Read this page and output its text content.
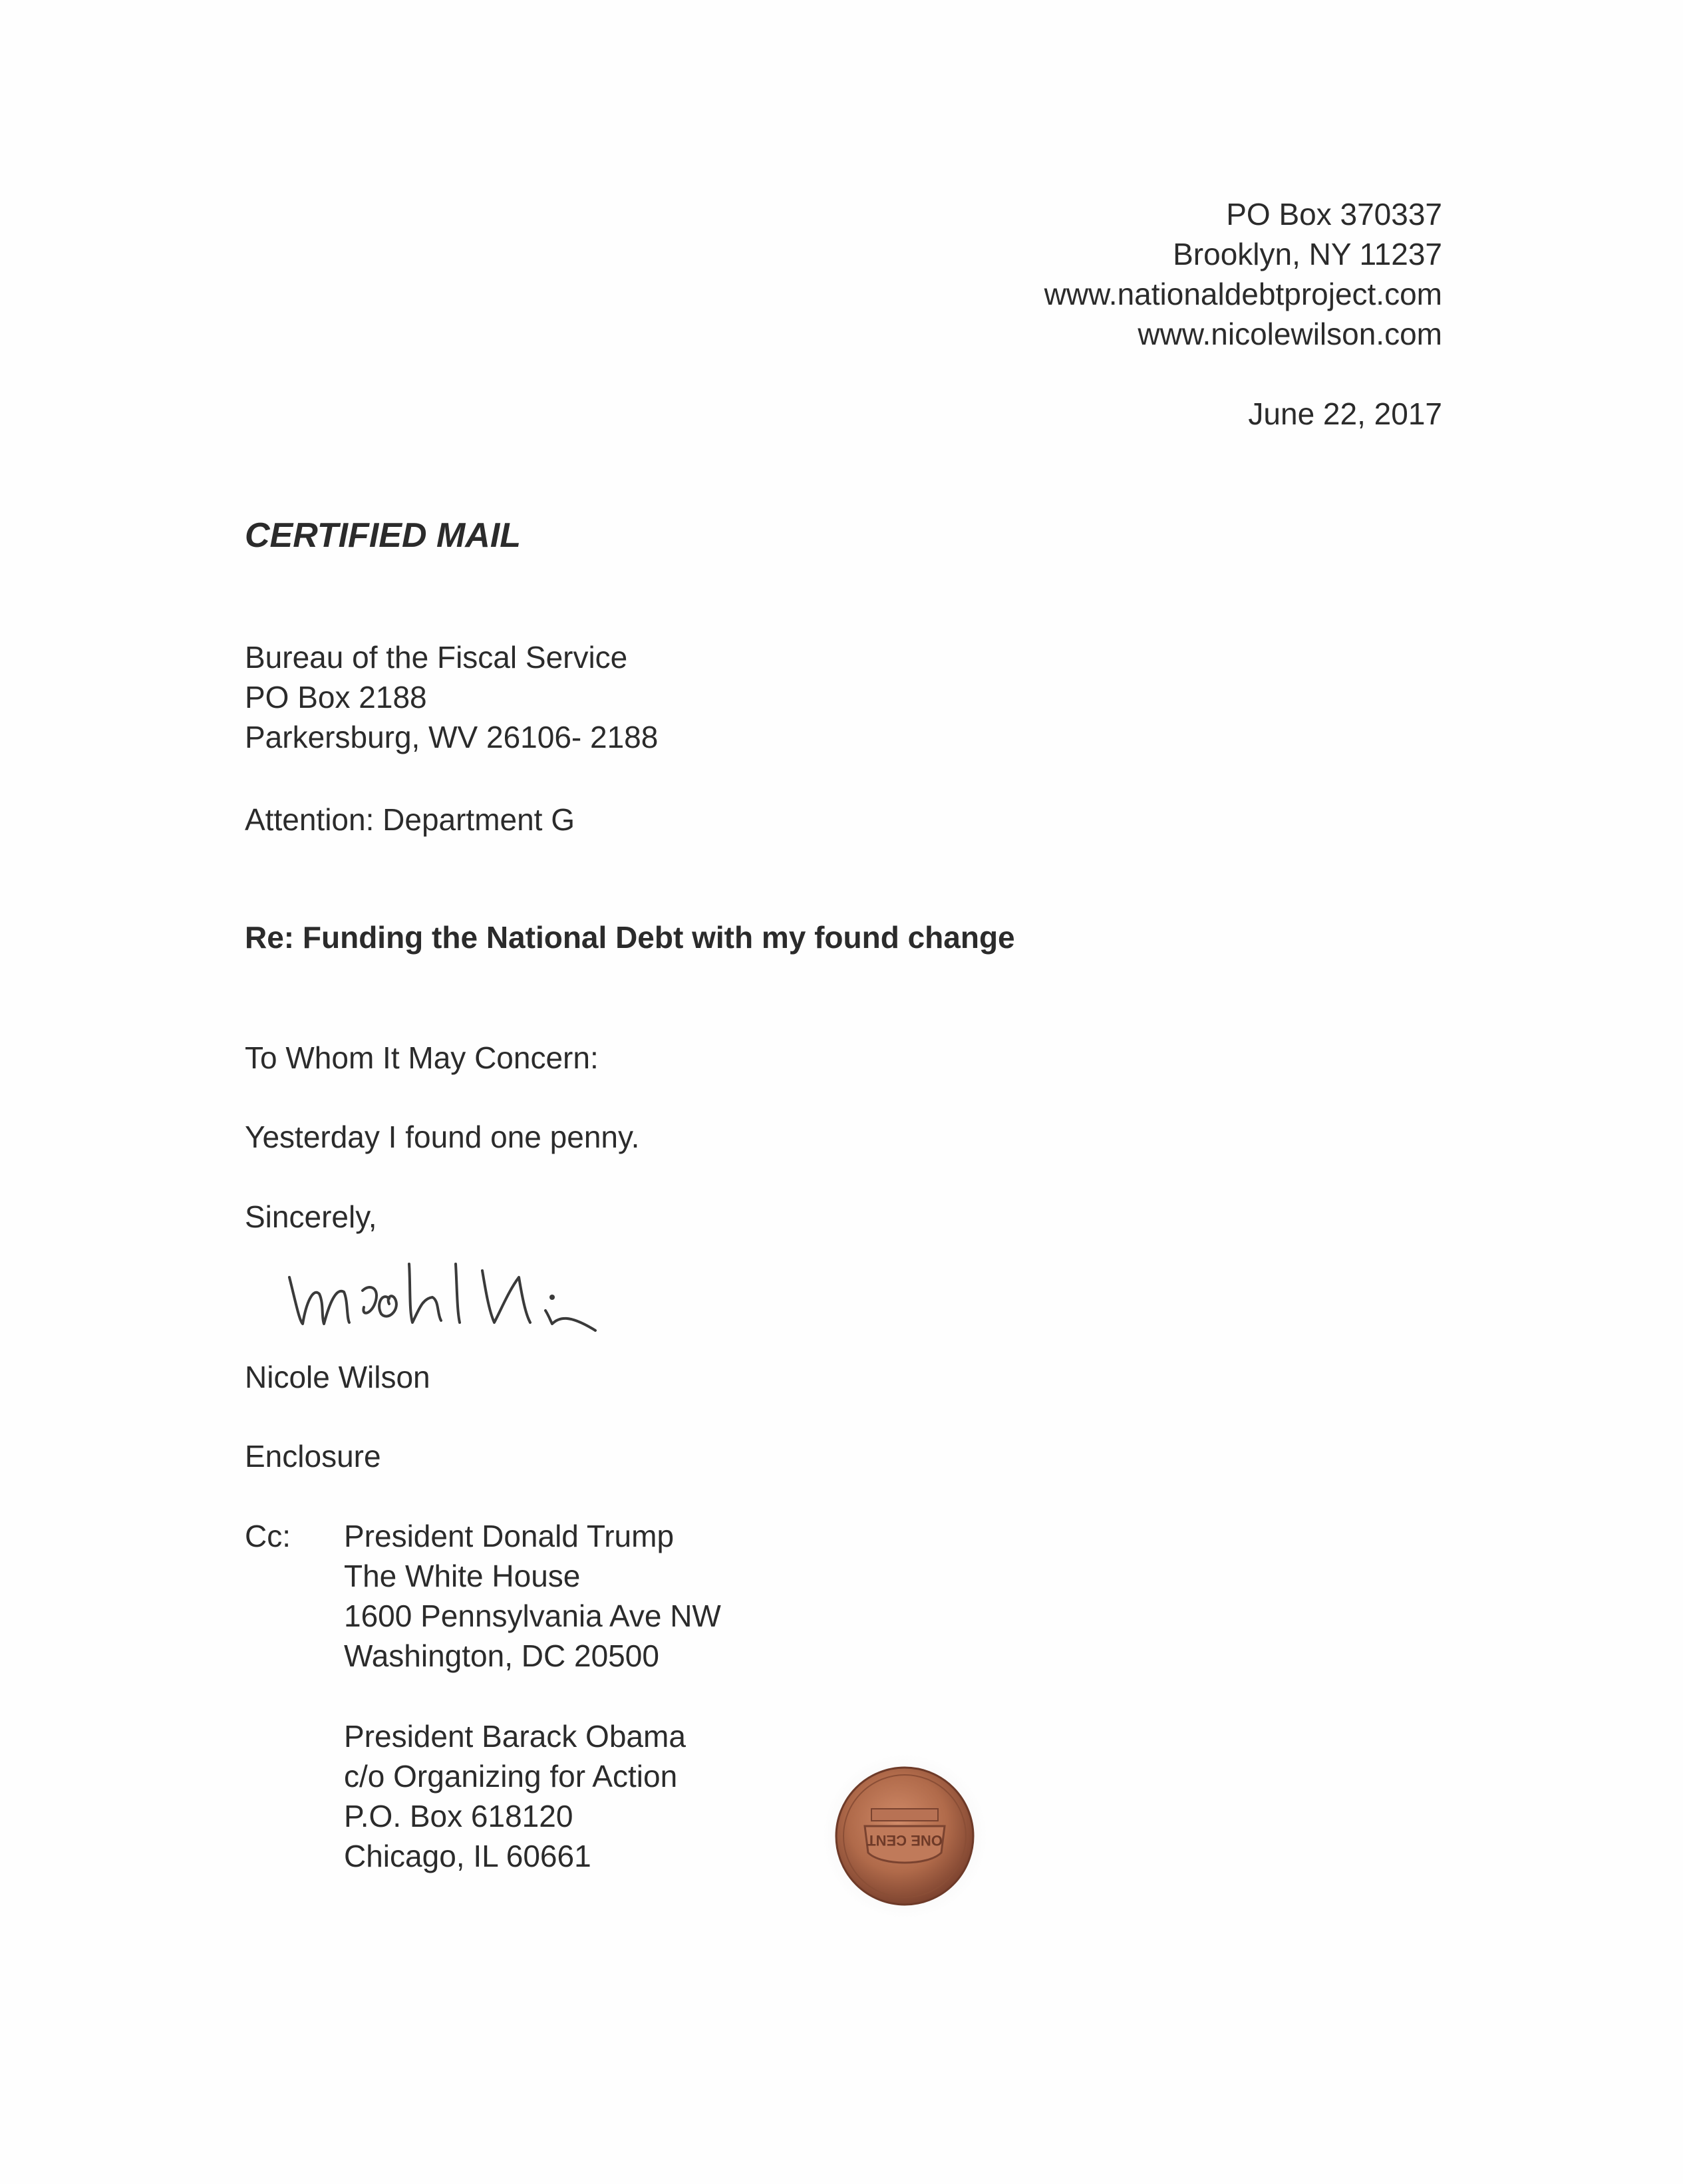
PO Box 370337
Brooklyn, NY 11237
www.nationaldebtproject.com
www.nicolewilson.com
June 22, 2017
CERTIFIED MAIL
Bureau of the Fiscal Service
PO Box 2188
Parkersburg, WV 26106- 2188
Attention: Department G
Re: Funding the National Debt with my found change
To Whom It May Concern:
Yesterday I found one penny.
Sincerely,
Nicole Wilson
Enclosure
Cc: President Donald Trump
The White House
1600 Pennsylvania Ave NW
Washington, DC 20500
President Barack Obama
c/o Organizing for Action
P.O. Box 618120
Chicago, IL 60661	ONE CENT
